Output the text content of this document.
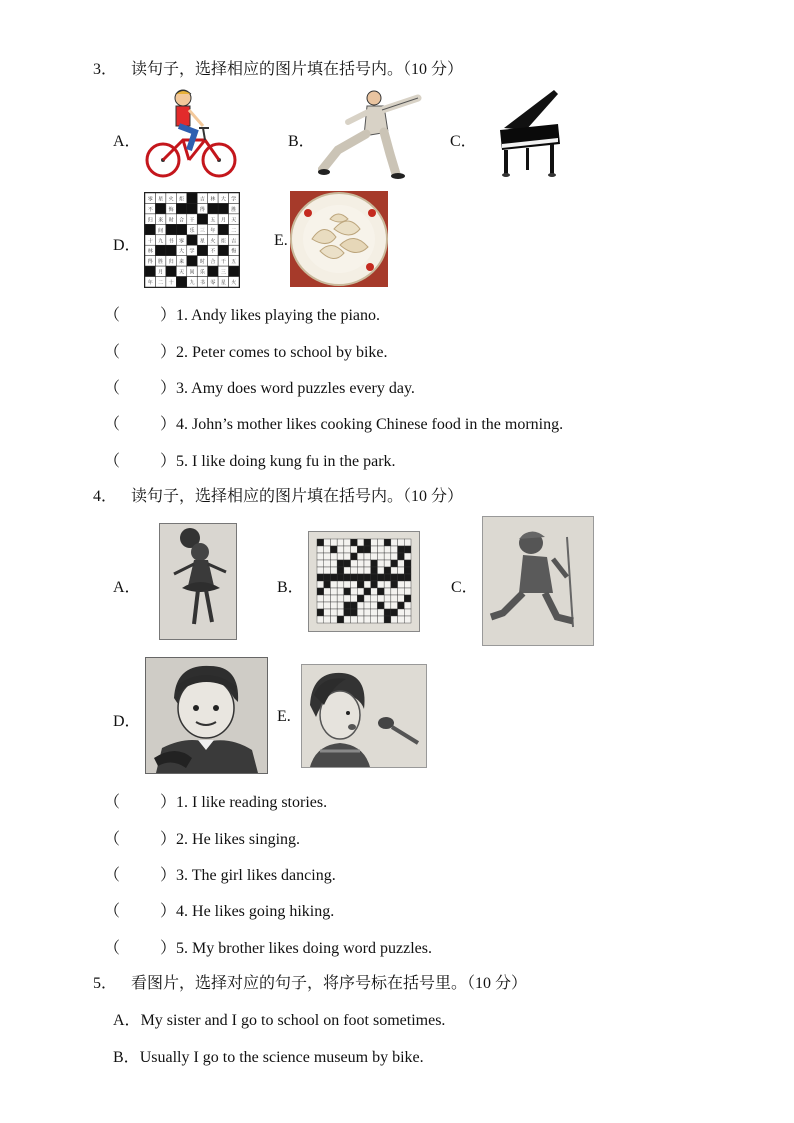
3． 读句子，选择相应的图片填在括号内。（10 分）
A．	B．	C．
D．
零 星 火 炬	吉 林 大 学
不	悔	得	胜
归 来 时 合 干	五 月 天
间	乐 三 年	二
十 九 书 零	星 火 炬 吉
林	大 学	不	悔
得 胜 归 来	时 合 干 五
月	天 间 乐	三
年 二 十	九 书 零 星 火
E.
（ ）1. Andy likes playing the piano.
（ ）2. Peter comes to school by bike.
（ ）3. Amy does word puzzles every day.
（ ）4. John’s mother likes cooking Chinese food in the morning.
（ ）5. I like doing kung fu in the park.
4． 读句子，选择相应的图片填在括号内。（10 分）
A．	B．	C．
D．	E.
（ ）1. I like reading stories.
（ ）2. He likes singing.
（ ）3. The girl likes dancing.
（ ）4. He likes going hiking.
（ ）5. My brother likes doing word puzzles.
5． 看图片，选择对应的句子，将序号标在括号里。（10 分）
A．My sister and I go to school on foot sometimes.
B．Usually I go to the science museum by bike.
